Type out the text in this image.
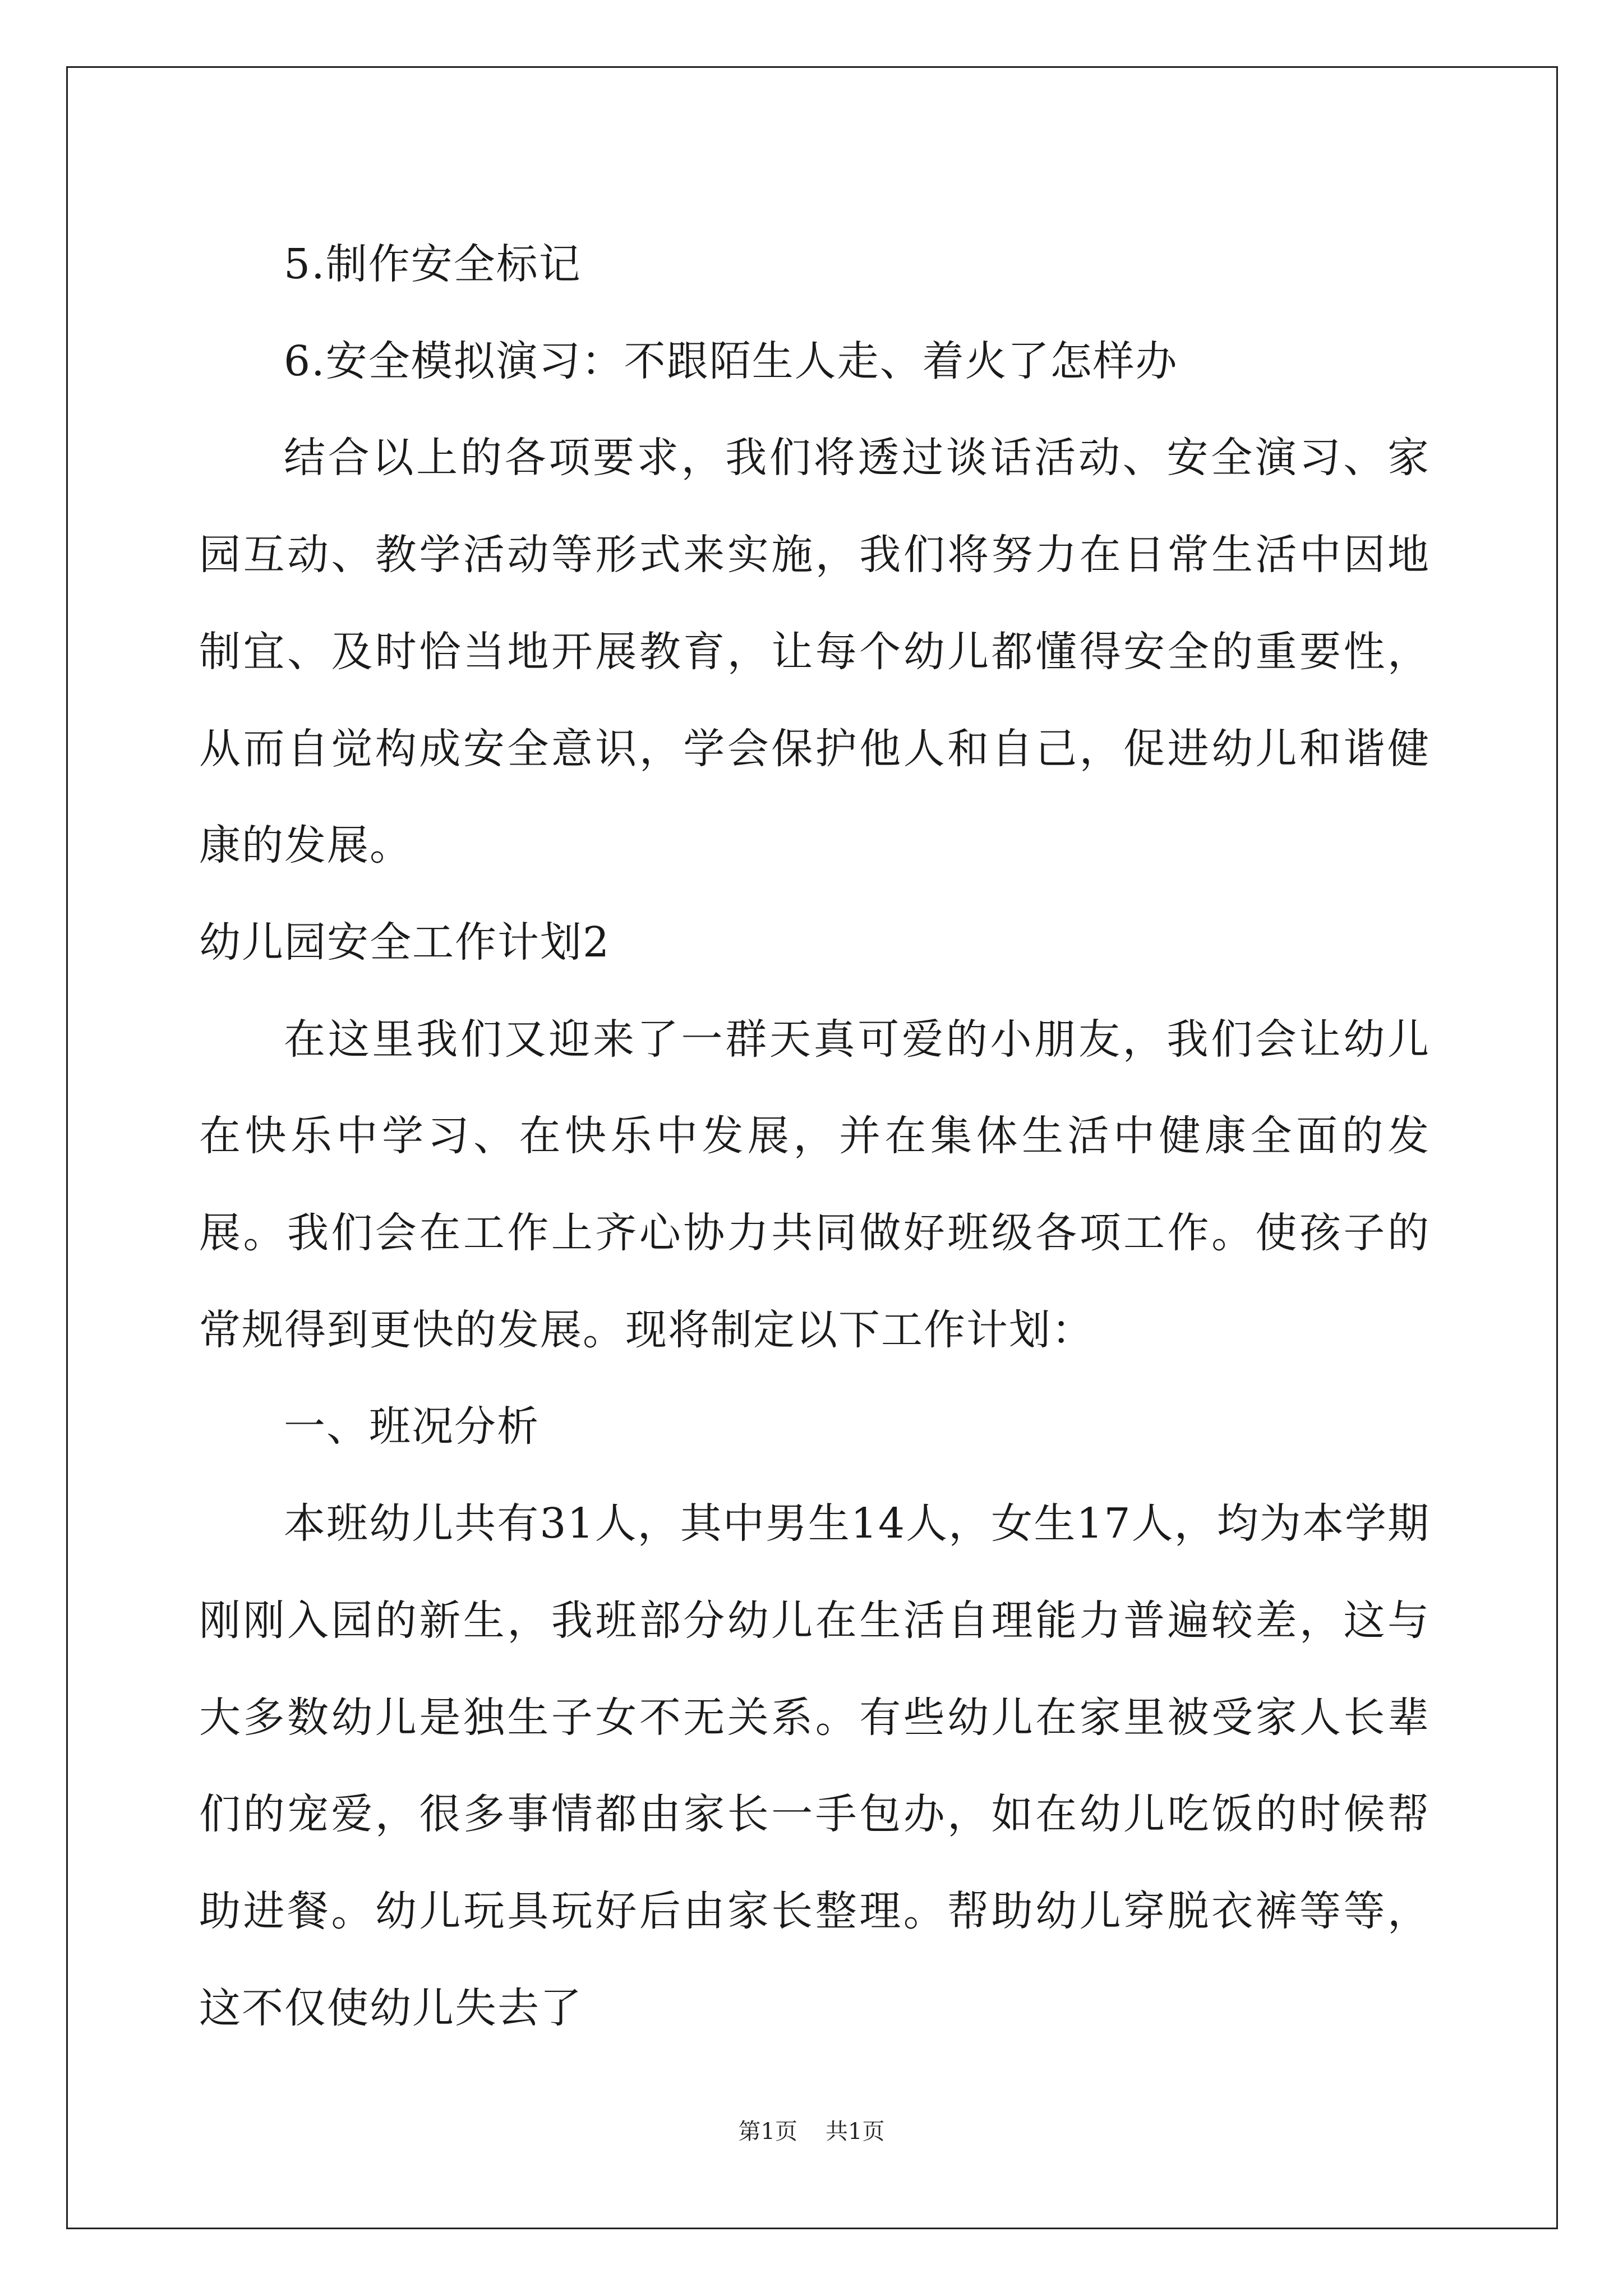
5.制作安全标记

6.安全模拟演习：不跟陌生人走、着火了怎样办

结合以上的各项要求，我们将透过谈话活动、安全演习、家园互动、教学活动等形式来实施，我们将努力在日常生活中因地制宜、及时恰当地开展教育，让每个幼儿都懂得安全的重要性，从而自觉构成安全意识，学会保护他人和自己，促进幼儿和谐健康的发展。

幼儿园安全工作计划2

在这里我们又迎来了一群天真可爱的小朋友，我们会让幼儿在快乐中学习、在快乐中发展，并在集体生活中健康全面的发展。我们会在工作上齐心协力共同做好班级各项工作。使孩子的常规得到更快的发展。现将制定以下工作计划：

一、班况分析

本班幼儿共有31人，其中男生14人，女生17人，均为本学期刚刚入园的新生，我班部分幼儿在生活自理能力普遍较差，这与大多数幼儿是独生子女不无关系。有些幼儿在家里被受家人长辈们的宠爱，很多事情都由家长一手包办，如在幼儿吃饭的时候帮助进餐。幼儿玩具玩好后由家长整理。帮助幼儿穿脱衣裤等等，这不仅使幼儿失去了

第1页 共1页
